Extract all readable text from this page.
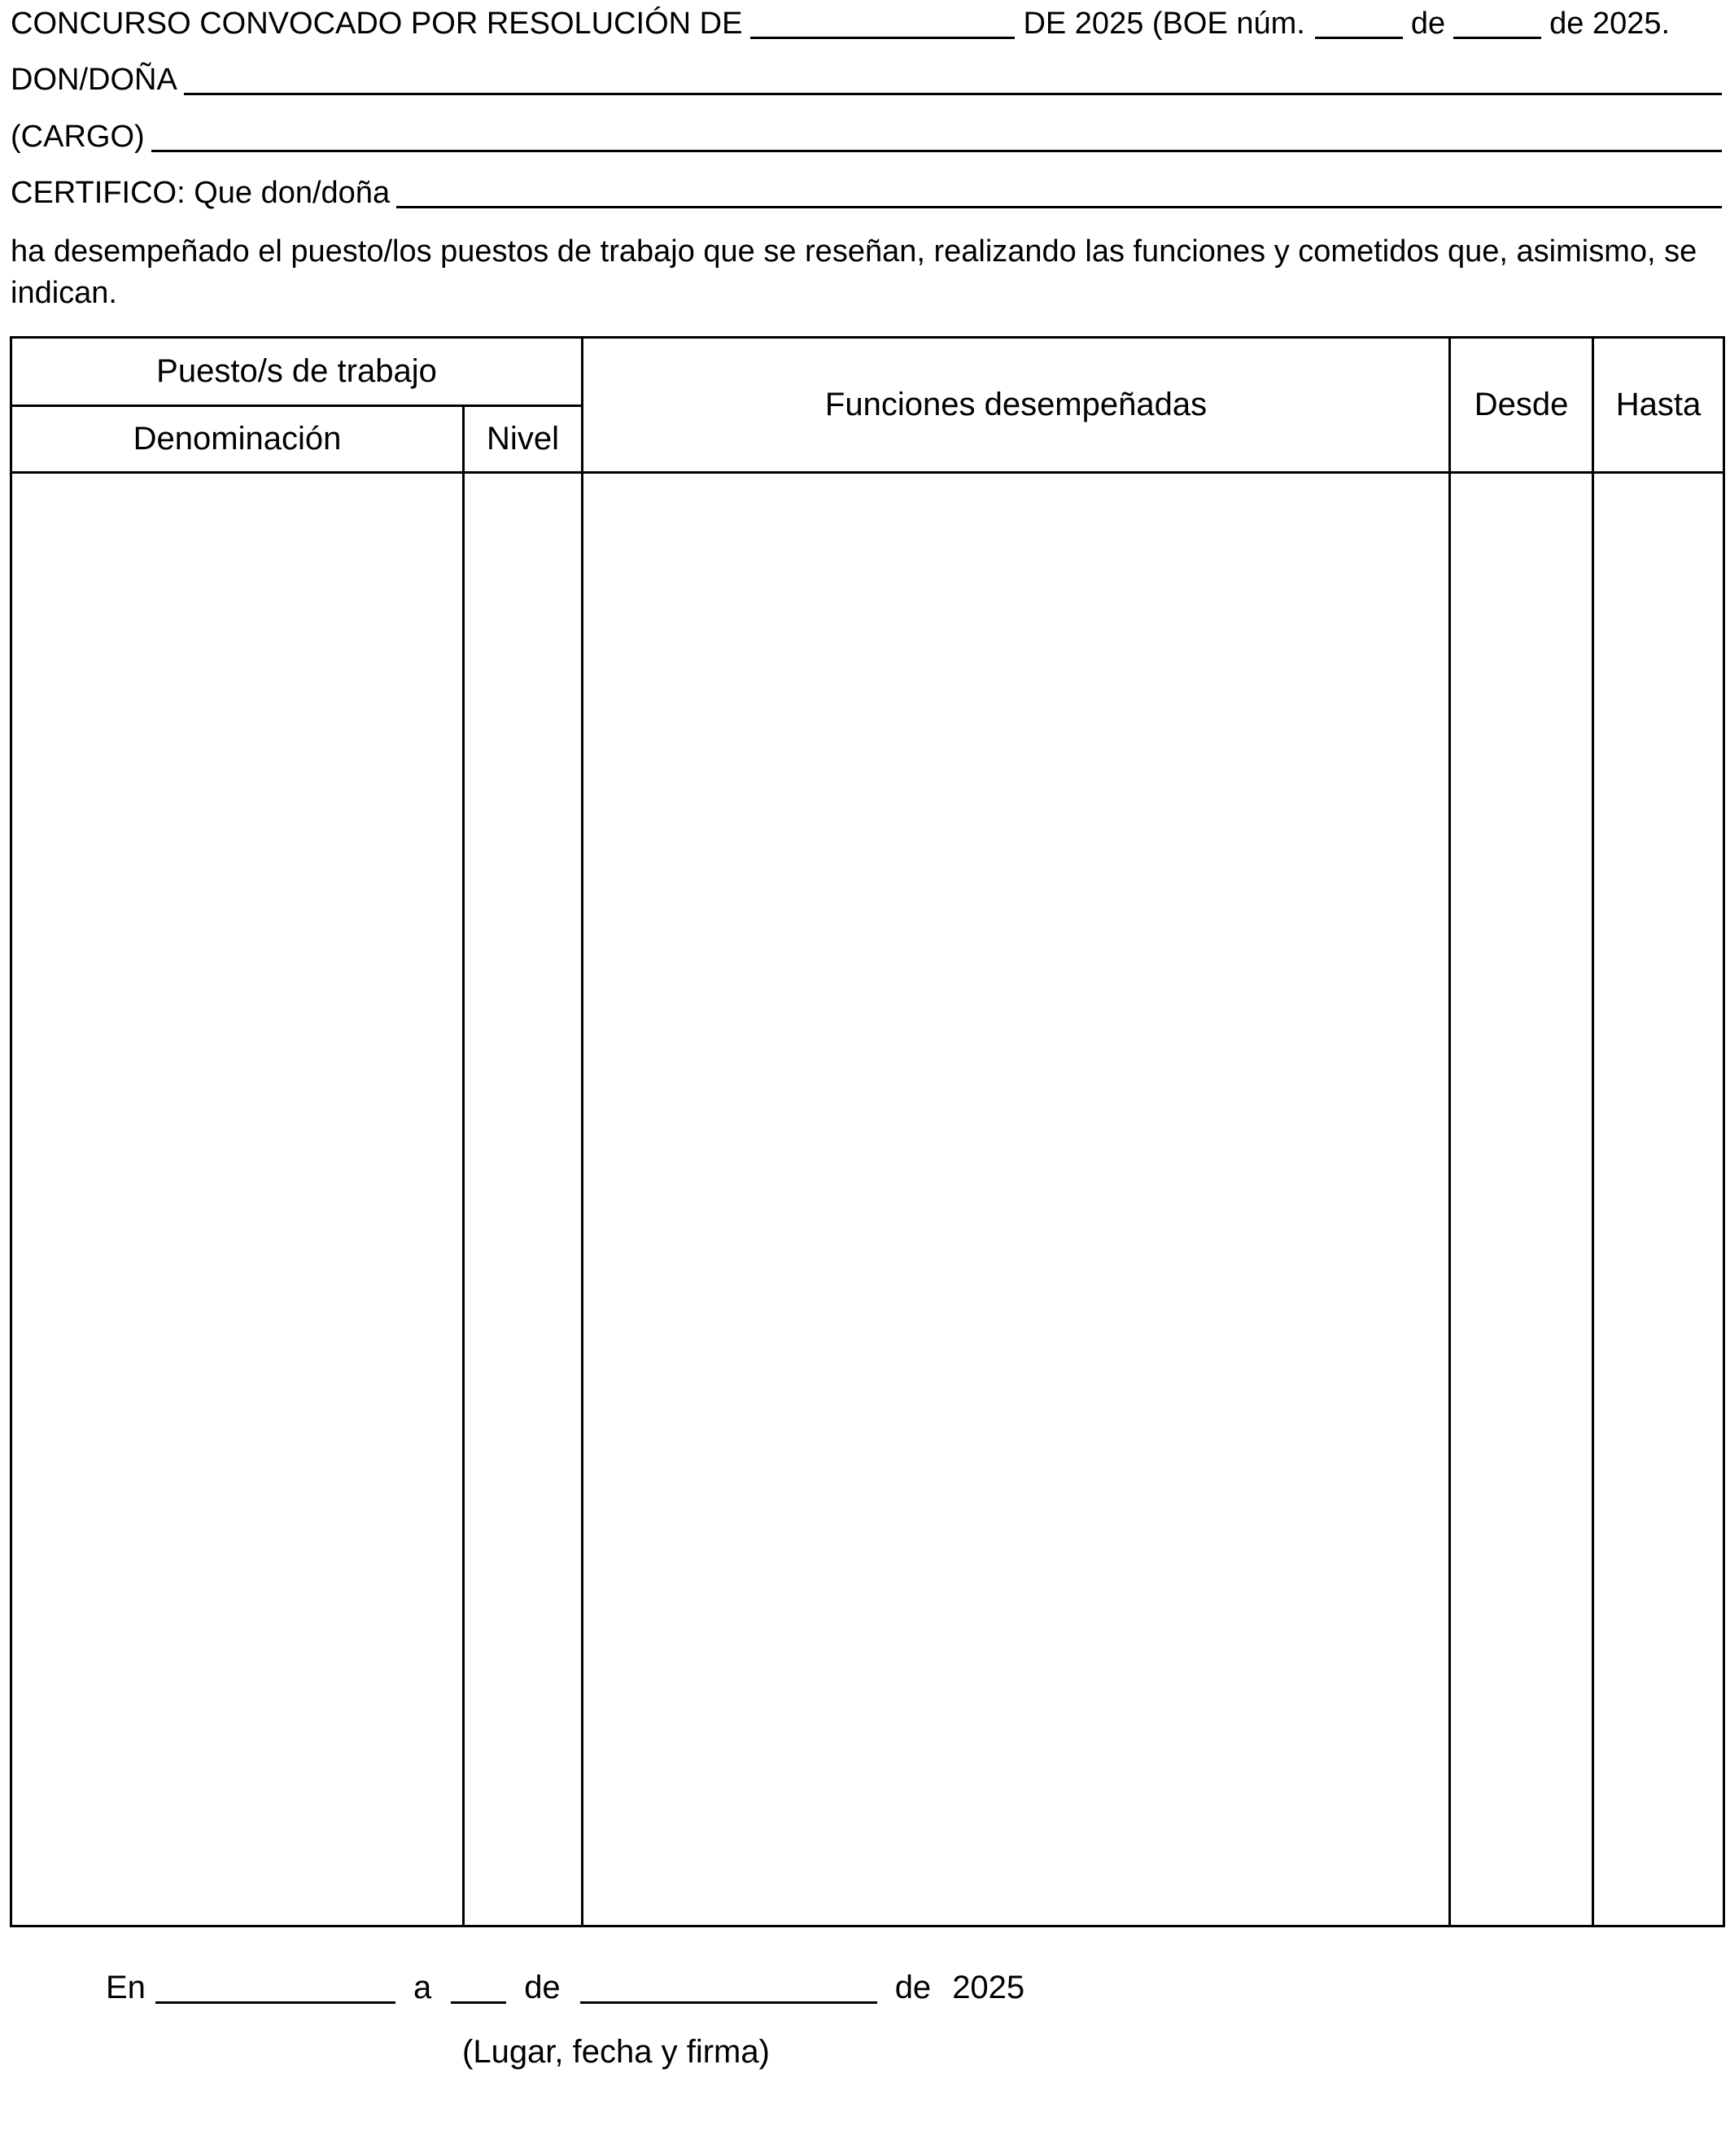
CONCURSO CONVOCADO POR RESOLUCIÓN DE	DE 2025 (BOE núm.	de	de 2025.
DON/DOÑA
(CARGO)
CERTIFICO: Que don/doña
ha desempeñado el puesto/los puestos de trabajo que se reseñan, realizando las funciones y cometidos que, asimismo, se indican.
Puesto/s de trabajo		Funciones desempeñadas	Desde	Hasta
Denominación	Nivel			

En	a	de	de 2025
(Lugar, fecha y firma)
